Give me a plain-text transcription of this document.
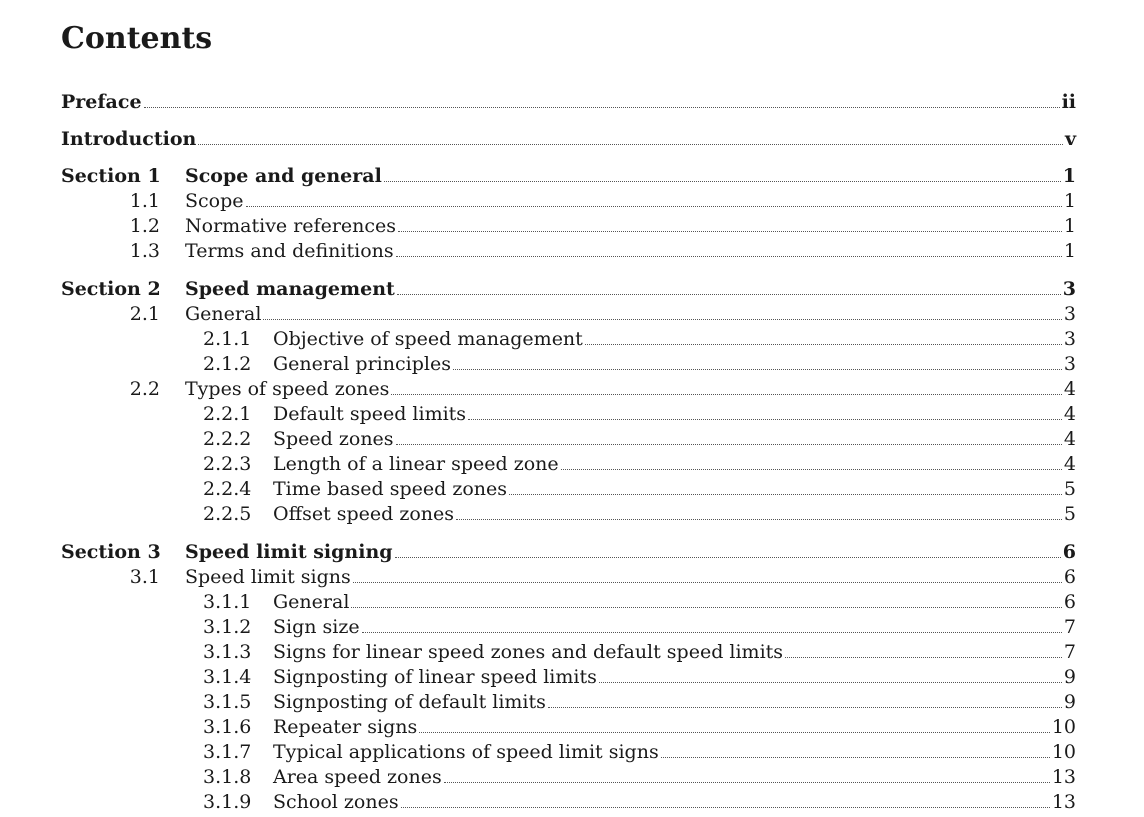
Contents
Preface	ii
Introduction	v
Section 1 Scope and general	1
1.1 Scope	1
1.2 Normative references	1
1.3 Terms and definitions	1
Section 2 Speed management	3
2.1 General	3
2.1.1 Objective of speed management	3
2.1.2 General principles	3
2.2 Types of speed zones	4
2.2.1 Default speed limits	4
2.2.2 Speed zones	4
2.2.3 Length of a linear speed zone	4
2.2.4 Time based speed zones	5
2.2.5 Offset speed zones	5
Section 3 Speed limit signing	6
3.1 Speed limit signs	6
3.1.1 General	6
3.1.2 Sign size	7
3.1.3 Signs for linear speed zones and default speed limits	7
3.1.4 Signposting of linear speed limits	9
3.1.5 Signposting of default limits	9
3.1.6 Repeater signs	10
3.1.7 Typical applications of speed limit signs	10
3.1.8 Area speed zones	13
3.1.9 School zones	13
